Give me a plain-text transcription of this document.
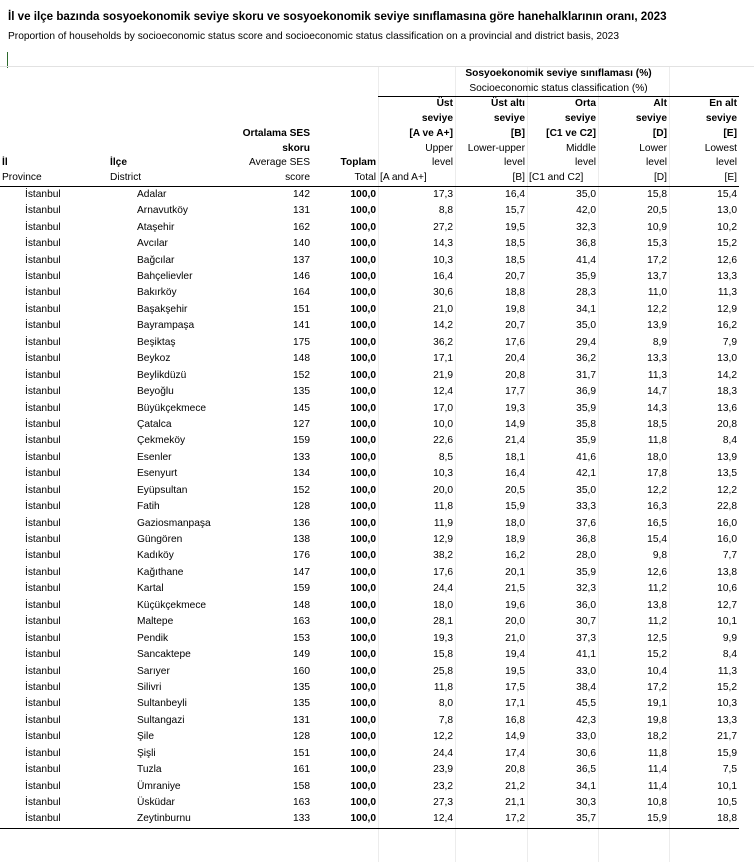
İl ve ilçe bazında sosyoekonomik seviye skoru ve sosyoekonomik seviye sınıflamasına göre hanehalklarının oranı, 2023
Proportion of households by socioeconomic status score and socioeconomic status classification on a provincial and district basis, 2023
				Sosyoekonomik seviye sınıflaması (%)				
				Socioeconomic status classification (%)				
				Üst	Üst altı	Orta	Alt	En alt
				seviye	seviye	seviye	seviye	seviye
		Ortalama SES		[A ve A+]	[B]	[C1 ve C2]	[D]	[E]
		skoru		Upper	Lower-upper	Middle	Lower	Lowest
İl	İlçe	Average SES	Toplam	level	level	level	level	level
Province	District	score	Total	[A and A+]	[B]	[C1 and C2]	[D]	[E]
İstanbul	Adalar	142	100,0	17,3	16,4	35,0	15,8	15,4
İstanbul	Arnavutköy	131	100,0	8,8	15,7	42,0	20,5	13,0
İstanbul	Ataşehir	162	100,0	27,2	19,5	32,3	10,9	10,2
İstanbul	Avcılar	140	100,0	14,3	18,5	36,8	15,3	15,2
İstanbul	Bağcılar	137	100,0	10,3	18,5	41,4	17,2	12,6
İstanbul	Bahçelievler	146	100,0	16,4	20,7	35,9	13,7	13,3
İstanbul	Bakırköy	164	100,0	30,6	18,8	28,3	11,0	11,3
İstanbul	Başakşehir	151	100,0	21,0	19,8	34,1	12,2	12,9
İstanbul	Bayrampaşa	141	100,0	14,2	20,7	35,0	13,9	16,2
İstanbul	Beşiktaş	175	100,0	36,2	17,6	29,4	8,9	7,9
İstanbul	Beykoz	148	100,0	17,1	20,4	36,2	13,3	13,0
İstanbul	Beylikdüzü	152	100,0	21,9	20,8	31,7	11,3	14,2
İstanbul	Beyoğlu	135	100,0	12,4	17,7	36,9	14,7	18,3
İstanbul	Büyükçekmece	145	100,0	17,0	19,3	35,9	14,3	13,6
İstanbul	Çatalca	127	100,0	10,0	14,9	35,8	18,5	20,8
İstanbul	Çekmeköy	159	100,0	22,6	21,4	35,9	11,8	8,4
İstanbul	Esenler	133	100,0	8,5	18,1	41,6	18,0	13,9
İstanbul	Esenyurt	134	100,0	10,3	16,4	42,1	17,8	13,5
İstanbul	Eyüpsultan	152	100,0	20,0	20,5	35,0	12,2	12,2
İstanbul	Fatih	128	100,0	11,8	15,9	33,3	16,3	22,8
İstanbul	Gaziosmanpaşa	136	100,0	11,9	18,0	37,6	16,5	16,0
İstanbul	Güngören	138	100,0	12,9	18,9	36,8	15,4	16,0
İstanbul	Kadıköy	176	100,0	38,2	16,2	28,0	9,8	7,7
İstanbul	Kağıthane	147	100,0	17,6	20,1	35,9	12,6	13,8
İstanbul	Kartal	159	100,0	24,4	21,5	32,3	11,2	10,6
İstanbul	Küçükçekmece	148	100,0	18,0	19,6	36,0	13,8	12,7
İstanbul	Maltepe	163	100,0	28,1	20,0	30,7	11,2	10,1
İstanbul	Pendik	153	100,0	19,3	21,0	37,3	12,5	9,9
İstanbul	Sancaktepe	149	100,0	15,8	19,4	41,1	15,2	8,4
İstanbul	Sarıyer	160	100,0	25,8	19,5	33,0	10,4	11,3
İstanbul	Silivri	135	100,0	11,8	17,5	38,4	17,2	15,2
İstanbul	Sultanbeyli	135	100,0	8,0	17,1	45,5	19,1	10,3
İstanbul	Sultangazi	131	100,0	7,8	16,8	42,3	19,8	13,3
İstanbul	Şile	128	100,0	12,2	14,9	33,0	18,2	21,7
İstanbul	Şişli	151	100,0	24,4	17,4	30,6	11,8	15,9
İstanbul	Tuzla	161	100,0	23,9	20,8	36,5	11,4	7,5
İstanbul	Ümraniye	158	100,0	23,2	21,2	34,1	11,4	10,1
İstanbul	Üsküdar	163	100,0	27,3	21,1	30,3	10,8	10,5
İstanbul	Zeytinburnu	133	100,0	12,4	17,2	35,7	15,9	18,8
